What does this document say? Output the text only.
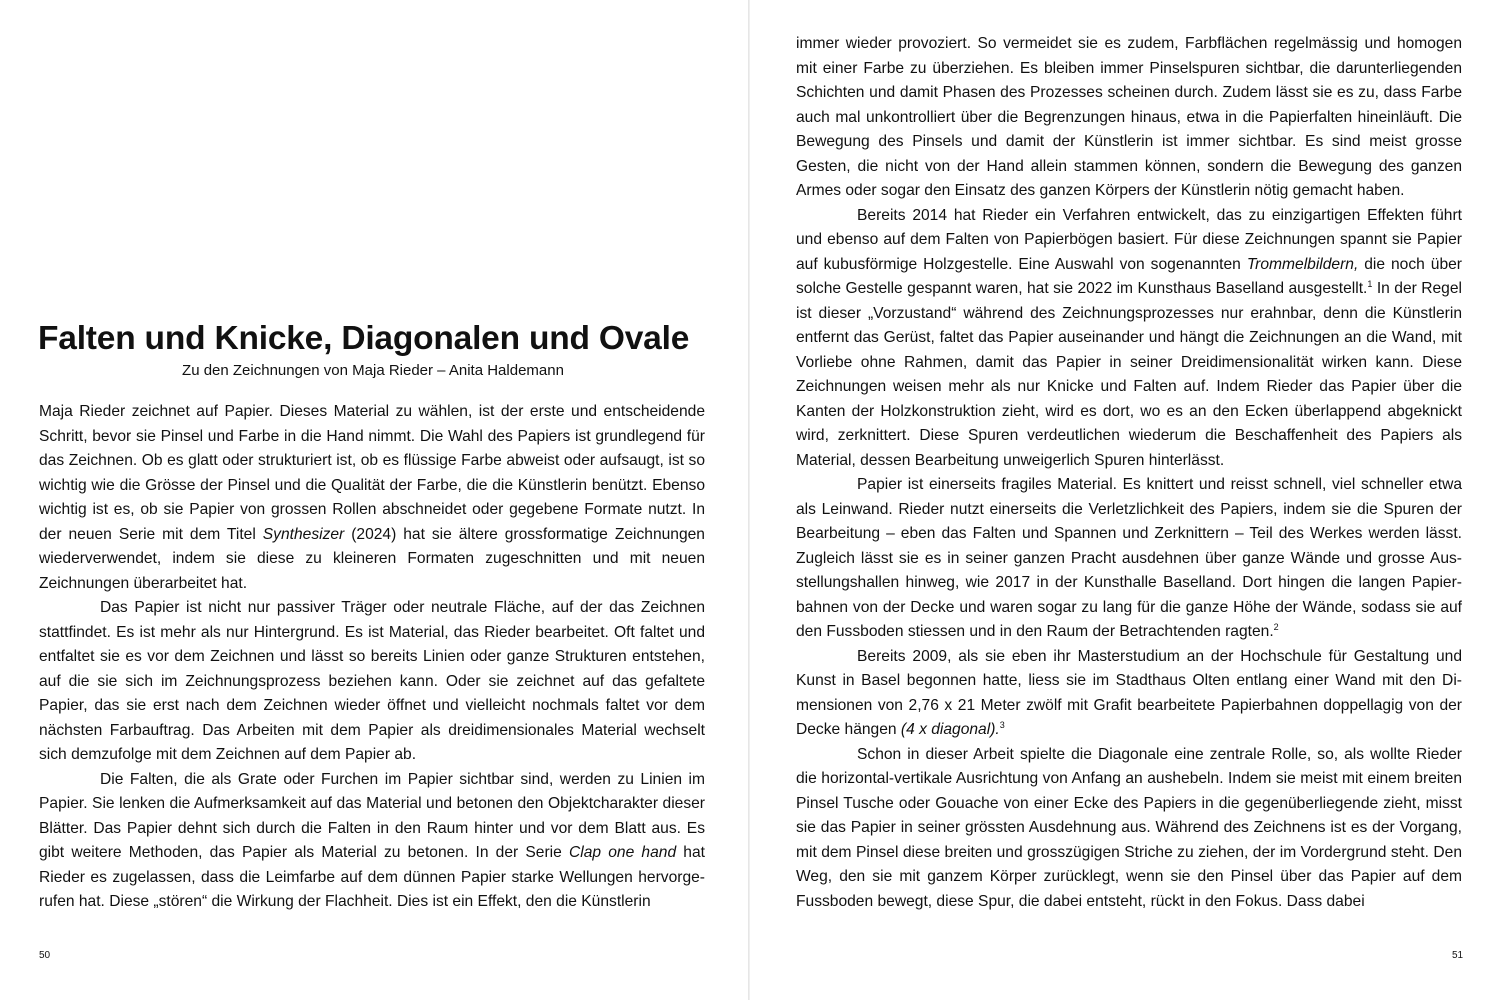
Falten und Knicke, Diagonalen und Ovale

Zu den Zeichnungen von Maja Rieder – Anita Haldemann

Maja Rieder zeichnet auf Papier. Dieses Material zu wählen, ist der erste und entscheidende Schritt, bevor sie Pinsel und Farbe in die Hand nimmt. Die Wahl des Papiers ist grundlegend für das Zeichnen. Ob es glatt oder strukturiert ist, ob es flüssige Farbe abweist oder aufsaugt, ist so wichtig wie die Grösse der Pinsel und die Qualität der Farbe, die die Künstlerin benützt. Ebenso wichtig ist es, ob sie Papier von grossen Rollen abschneidet oder gegebene Formate nutzt. In der neuen Serie mit dem Titel Synthesizer (2024) hat sie ältere grossformatige Zeichnungen wiederverwendet, indem sie diese zu kleineren Formaten zugeschnitten und mit neuen Zeichnungen überarbeitet hat.

Das Papier ist nicht nur passiver Träger oder neutrale Fläche, auf der das Zeichnen stattfindet. Es ist mehr als nur Hintergrund. Es ist Material, das Rieder bearbeitet. Oft faltet und entfaltet sie es vor dem Zeichnen und lässt so bereits Linien oder ganze Strukturen entstehen, auf die sie sich im Zeichnungsprozess beziehen kann. Oder sie zeichnet auf das gefaltete Papier, das sie erst nach dem Zeichnen wieder öffnet und vielleicht nochmals faltet vor dem nächsten Farbauftrag. Das Arbeiten mit dem Papier als dreidimensionales Material wechselt sich demzufolge mit dem Zeichnen auf dem Papier ab.

Die Falten, die als Grate oder Furchen im Papier sichtbar sind, werden zu Linien im Papier. Sie lenken die Aufmerksamkeit auf das Material und betonen den Objektcharakter dieser Blätter. Das Papier dehnt sich durch die Falten in den Raum hinter und vor dem Blatt aus. Es gibt weitere Methoden, das Papier als Material zu betonen. In der Serie Clap one hand hat Rieder es zugelassen, dass die Leimfarbe auf dem dünnen Papier starke Wellungen hervorgerufen hat. Diese „stören“ die Wirkung der Flachheit. Dies ist ein Effekt, den die Künstlerin

50

immer wieder provoziert. So vermeidet sie es zudem, Farbflächen regelmässig und homogen mit einer Farbe zu überziehen. Es bleiben immer Pinselspuren sichtbar, die darunterliegenden Schichten und damit Phasen des Prozesses scheinen durch. Zudem lässt sie es zu, dass Farbe auch mal unkontrolliert über die Begrenzungen hinaus, etwa in die Papierfalten hineinläuft. Die Bewegung des Pinsels und damit der Künstlerin ist immer sichtbar. Es sind meist grosse Gesten, die nicht von der Hand allein stammen können, sondern die Bewegung des ganzen Armes oder sogar den Einsatz des ganzen Körpers der Künstlerin nötig gemacht haben.

Bereits 2014 hat Rieder ein Verfahren entwickelt, das zu einzigartigen Effekten führt und ebenso auf dem Falten von Papierbögen basiert. Für diese Zeichnungen spannt sie Papier auf kubusförmige Holzgestelle. Eine Auswahl von sogenannten Trommelbildern, die noch über solche Gestelle gespannt waren, hat sie 2022 im Kunsthaus Baselland ausgestellt.$^1$ In der Regel ist dieser „Vorzustand“ während des Zeichnungsprozesses nur erahnbar, denn die Künstlerin entfernt das Gerüst, faltet das Papier auseinander und hängt die Zeichnungen an die Wand, mit Vorliebe ohne Rahmen, damit das Papier in seiner Dreidimensionalität wirken kann. Diese Zeichnungen weisen mehr als nur Knicke und Falten auf. Indem Rieder das Papier über die Kanten der Holzkonstruktion zieht, wird es dort, wo es an den Ecken überlappend abgeknickt wird, zerknittert. Diese Spuren verdeutlichen wiederum die Beschaffenheit des Papiers als Material, dessen Bearbeitung unweigerlich Spuren hinterlässt.

Papier ist einerseits fragiles Material. Es knittert und reisst schnell, viel schneller etwa als Leinwand. Rieder nutzt einerseits die Verletzlichkeit des Papiers, indem sie die Spuren der Bearbeitung – eben das Falten und Spannen und Zerknittern – Teil des Werkes werden lässt. Zugleich lässt sie es in seiner ganzen Pracht ausdehnen über ganze Wände und grosse Ausstellungshallen hinweg, wie 2017 in der Kunsthalle Baselland. Dort hingen die langen Papierbahnen von der Decke und waren sogar zu lang für die ganze Höhe der Wände, sodass sie auf den Fussboden stiessen und in den Raum der Betrachtenden ragten.$^2$

Bereits 2009, als sie eben ihr Masterstudium an der Hochschule für Gestaltung und Kunst in Basel begonnen hatte, liess sie im Stadthaus Olten entlang einer Wand mit den Dimensionen von 2,76 x 21 Meter zwölf mit Grafit bearbeitete Papierbahnen doppellagig von der Decke hängen (4 x diagonal).$^3$

Schon in dieser Arbeit spielte die Diagonale eine zentrale Rolle, so, als wollte Rieder die horizontal-vertikale Ausrichtung von Anfang an aushebeln. Indem sie meist mit einem breiten Pinsel Tusche oder Gouache von einer Ecke des Papiers in die gegenüberliegende zieht, misst sie das Papier in seiner grössten Ausdehnung aus. Während des Zeichnens ist es der Vorgang, mit dem Pinsel diese breiten und grosszügigen Striche zu ziehen, der im Vordergrund steht. Den Weg, den sie mit ganzem Körper zurücklegt, wenn sie den Pinsel über das Papier auf dem Fussboden bewegt, diese Spur, die dabei entsteht, rückt in den Fokus. Dass dabei

51
